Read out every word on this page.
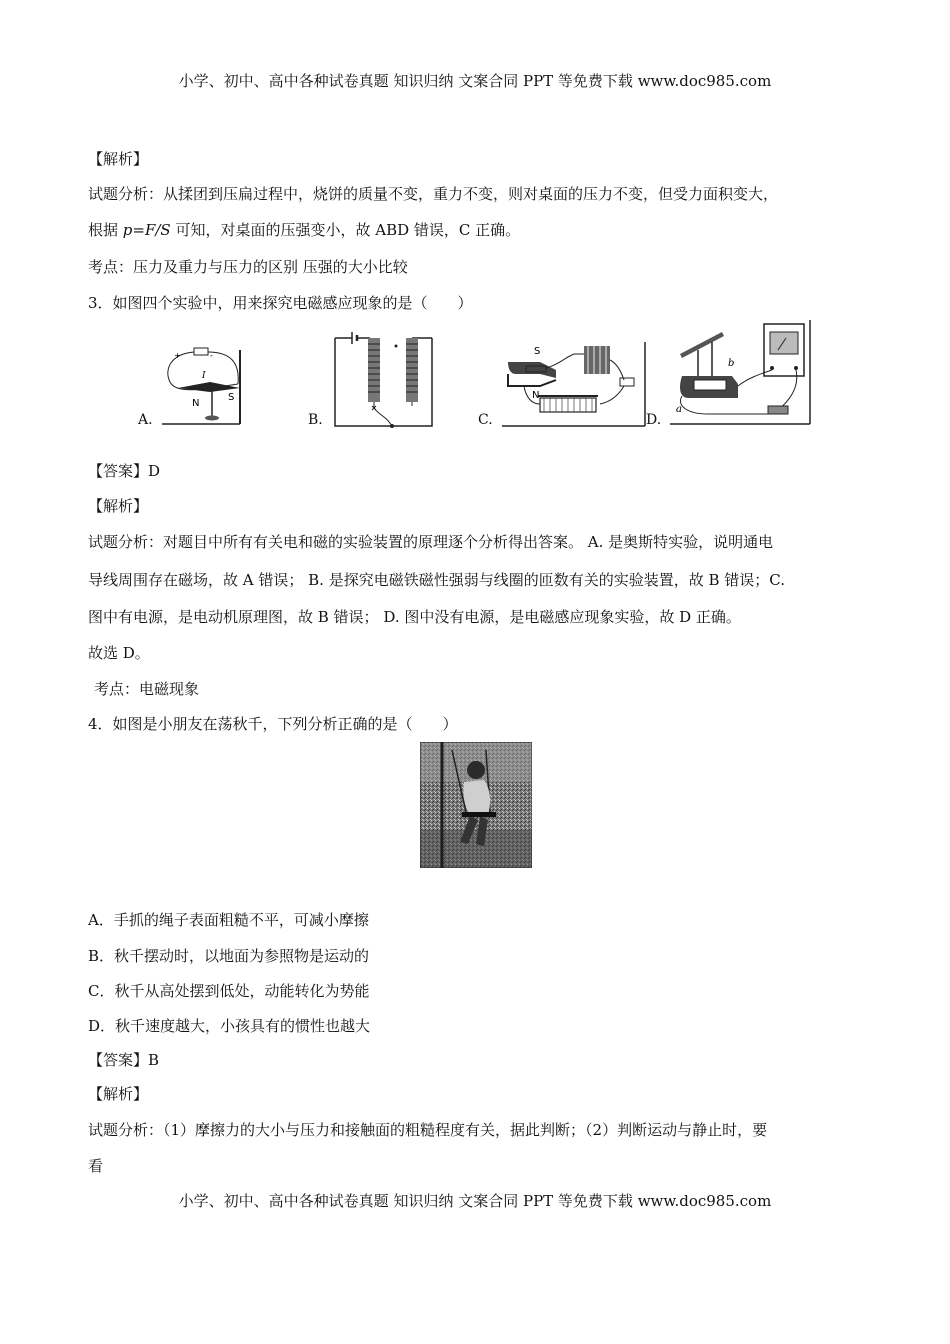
小学、初中、高中各种试卷真题 知识归纳 文案合同 PPT 等免费下载 www.doc985.com
小学、初中、高中各种试卷真题 知识归纳 文案合同 PPT 等免费下载 www.doc985.com
【解析】
试题分析：从揉团到压扁过程中，烧饼的质量不变，重力不变，则对桌面的压力不变，但受力面积变大，
根据 p=F/S 可知，对桌面的压强变小，故 ABD 错误，C 正确。
考点：压力及重力与压力的区别 压强的大小比较
3．如图四个实验中，用来探究电磁感应现象的是（　　）
+	-
I
N
S
A.	B.
S
N
C.
a
b
D.
【答案】D
【解析】
试题分析：对题目中所有有关电和磁的实验装置的原理逐个分析得出答案。 A. 是奥斯特实验，说明通电
导线周围存在磁场，故 A 错误； B. 是探究电磁铁磁性强弱与线圈的匝数有关的实验装置，故 B 错误；C.
图中有电源，是电动机原理图，故 B 错误； D. 图中没有电源，是电磁感应现象实验，故 D 正确。
故选 D。
考点：电磁现象
4．如图是小朋友在荡秋千，下列分析正确的是（　　）
A．手抓的绳子表面粗糙不平，可减小摩擦
B．秋千摆动时，以地面为参照物是运动的
C．秋千从高处摆到低处，动能转化为势能
D．秋千速度越大，小孩具有的惯性也越大
【答案】B
【解析】
试题分析：（1）摩擦力的大小与压力和接触面的粗糙程度有关，据此判断；（2）判断运动与静止时，要
看
